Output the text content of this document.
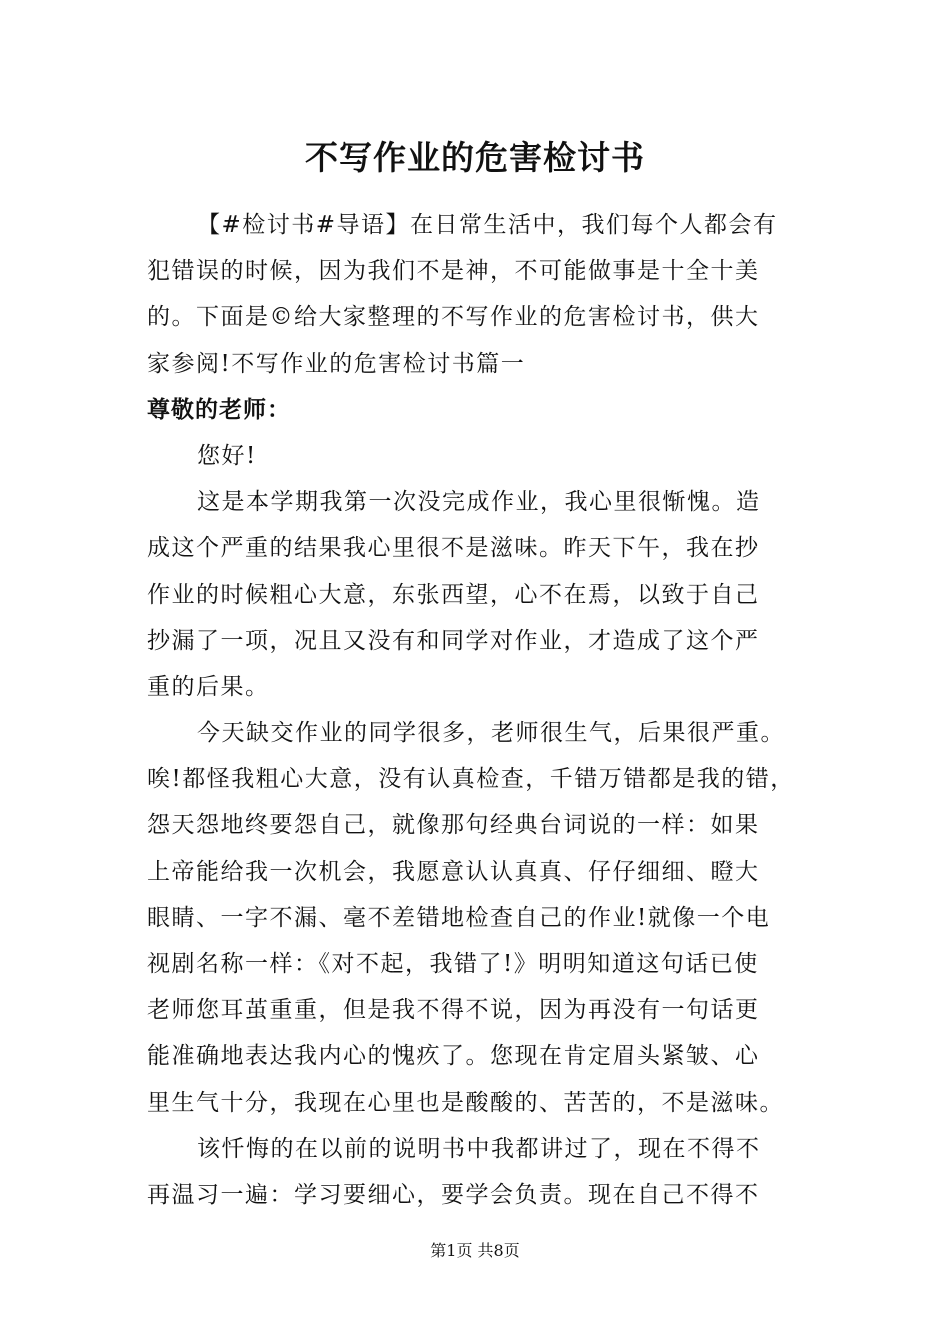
不写作业的危害检讨书
【#检讨书#导语】在日常生活中，我们每个人都会有
犯错误的时候，因为我们不是神，不可能做事是十全十美
的。下面是©给大家整理的不写作业的危害检讨书，供大
家参阅!不写作业的危害检讨书篇一
尊敬的老师：
您好!
这是本学期我第一次没完成作业，我心里很惭愧。造
成这个严重的结果我心里很不是滋味。昨天下午，我在抄
作业的时候粗心大意，东张西望，心不在焉，以致于自己
抄漏了一项，况且又没有和同学对作业，才造成了这个严
重的后果。
今天缺交作业的同学很多，老师很生气，后果很严重。
唉!都怪我粗心大意，没有认真检查，千错万错都是我的错，
怨天怨地终要怨自己，就像那句经典台词说的一样：如果
上帝能给我一次机会，我愿意认认真真、仔仔细细、瞪大
眼睛、一字不漏、毫不差错地检查自己的作业!就像一个电
视剧名称一样：《对不起，我错了!》明明知道这句话已使
老师您耳茧重重，但是我不得不说，因为再没有一句话更
能准确地表达我内心的愧疚了。您现在肯定眉头紧皱、心
里生气十分，我现在心里也是酸酸的、苦苦的，不是滋味。
该忏悔的在以前的说明书中我都讲过了，现在不得不
再温习一遍：学习要细心，要学会负责。现在自己不得不
第1页 共8页
